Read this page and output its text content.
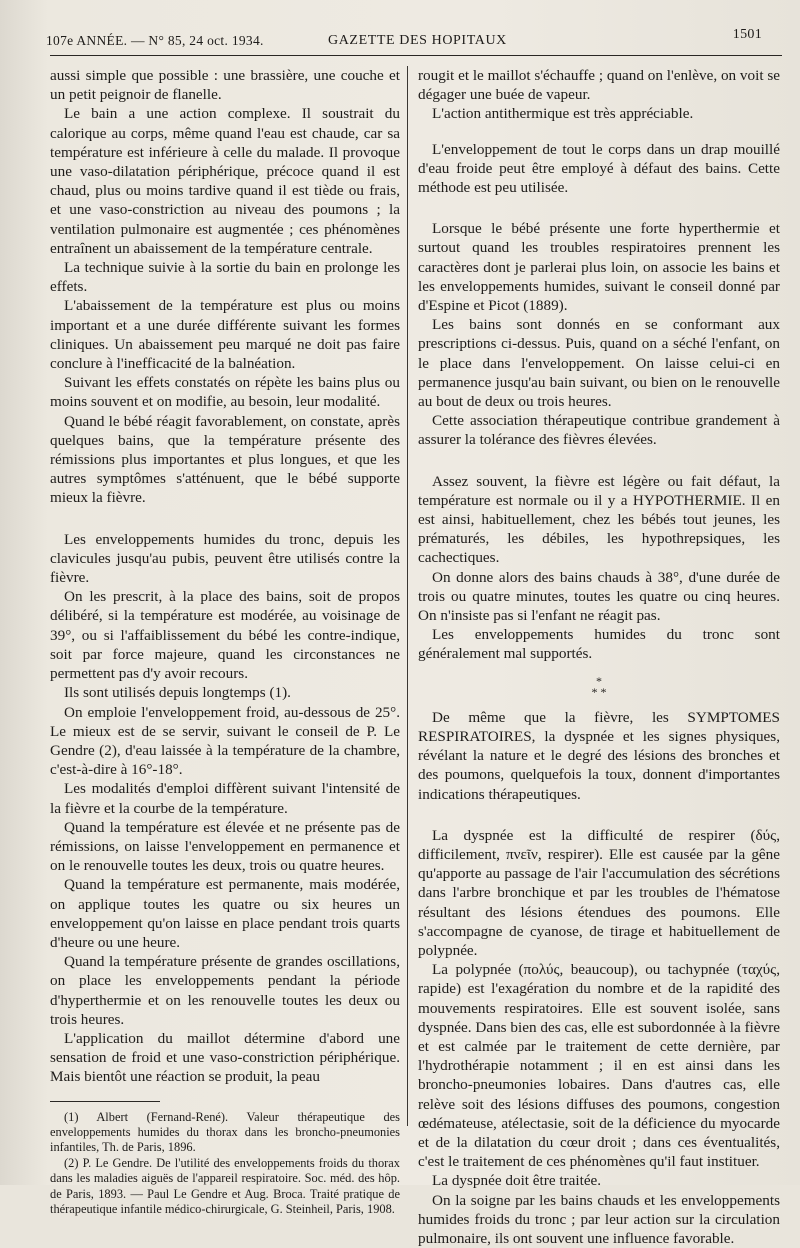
107e ANNÉE. — N° 85, 24 oct. 1934.	GAZETTE DES HOPITAUX	1501

aussi simple que possible : une brassière, une couche et un petit peignoir de flanelle.

Le bain a une action complexe. Il soustrait du calorique au corps, même quand l'eau est chaude, car sa température est inférieure à celle du malade. Il provoque une vaso-dilatation périphérique, précoce quand il est chaud, plus ou moins tardive quand il est tiède ou frais, et une vaso-constriction au niveau des poumons ; la ventilation pulmonaire est augmentée ; ces phénomènes entraînent un abaissement de la température centrale.

La technique suivie à la sortie du bain en prolonge les effets.

L'abaissement de la température est plus ou moins important et a une durée différente suivant les formes cliniques. Un abaissement peu marqué ne doit pas faire conclure à l'inefficacité de la balnéation.

Suivant les effets constatés on répète les bains plus ou moins souvent et on modifie, au besoin, leur modalité.

Quand le bébé réagit favorablement, on constate, après quelques bains, que la température présente des rémissions plus importantes et plus longues, et que les autres symptômes s'atténuent, que le bébé supporte mieux la fièvre.

Les enveloppements humides du tronc, depuis les clavicules jusqu'au pubis, peuvent être utilisés contre la fièvre.

On les prescrit, à la place des bains, soit de propos délibéré, si la température est modérée, au voisinage de 39°, ou si l'affaiblissement du bébé les contre-indique, soit par force majeure, quand les circonstances ne permettent pas d'y avoir recours.

Ils sont utilisés depuis longtemps (1).

On emploie l'enveloppement froid, au-dessous de 25°. Le mieux est de se servir, suivant le conseil de P. Le Gendre (2), d'eau laissée à la température de la chambre, c'est-à-dire à 16°-18°.

Les modalités d'emploi diffèrent suivant l'intensité de la fièvre et la courbe de la température.

Quand la température est élevée et ne présente pas de rémissions, on laisse l'enveloppement en permanence et on le renouvelle toutes les deux, trois ou quatre heures.

Quand la température est permanente, mais modérée, on applique toutes les quatre ou six heures un enveloppement qu'on laisse en place pendant trois quarts d'heure ou une heure.

Quand la température présente de grandes oscillations, on place les enveloppements pendant la période d'hyperthermie et on les renouvelle toutes les deux ou trois heures.

L'application du maillot détermine d'abord une sensation de froid et une vaso-constriction périphérique. Mais bientôt une réaction se produit, la peau

(1) Albert (Fernand-René). Valeur thérapeutique des enveloppements humides du thorax dans les broncho-pneumonies infantiles, Th. de Paris, 1896.

(2) P. Le Gendre. De l'utilité des enveloppements froids du thorax dans les maladies aiguës de l'appareil respiratoire. Soc. méd. des hôp. de Paris, 1893. — Paul Le Gendre et Aug. Broca. Traité pratique de thérapeutique infantile médico-chirurgicale, G. Steinheil, Paris, 1908.

rougit et le maillot s'échauffe ; quand on l'enlève, on voit se dégager une buée de vapeur.

L'action antithermique est très appréciable.

L'enveloppement de tout le corps dans un drap mouillé d'eau froide peut être employé à défaut des bains. Cette méthode est peu utilisée.

Lorsque le bébé présente une forte hyperthermie et surtout quand les troubles respiratoires prennent les caractères dont je parlerai plus loin, on associe les bains et les enveloppements humides, suivant le conseil donné par d'Espine et Picot (1889).

Les bains sont donnés en se conformant aux prescriptions ci-dessus. Puis, quand on a séché l'enfant, on le place dans l'enveloppement. On laisse celui-ci en permanence jusqu'au bain suivant, ou bien on le renouvelle au bout de deux ou trois heures.

Cette association thérapeutique contribue grandement à assurer la tolérance des fièvres élevées.

Assez souvent, la fièvre est légère ou fait défaut, la température est normale ou il y a HYPOTHERMIE. Il en est ainsi, habituellement, chez les bébés tout jeunes, les prématurés, les débiles, les hypothrepsiques, les cachectiques.

On donne alors des bains chauds à 38°, d'une durée de trois ou quatre minutes, toutes les quatre ou cinq heures. On n'insiste pas si l'enfant ne réagit pas.

Les enveloppements humides du tronc sont généralement mal supportés.

*
* *

De même que la fièvre, les SYMPTOMES RESPIRATOIRES, la dyspnée et les signes physiques, révélant la nature et le degré des lésions des bronches et des poumons, quelquefois la toux, donnent d'importantes indications thérapeutiques.

La dyspnée est la difficulté de respirer (δύς, difficilement, πνεῖν, respirer). Elle est causée par la gêne qu'apporte au passage de l'air l'accumulation des sécrétions dans l'arbre bronchique et par les troubles de l'hématose résultant des lésions étendues des poumons. Elle s'accompagne de cyanose, de tirage et habituellement de polypnée.

La polypnée (πολύς, beaucoup), ou tachypnée (ταχύς, rapide) est l'exagération du nombre et de la rapidité des mouvements respiratoires. Elle est souvent isolée, sans dyspnée. Dans bien des cas, elle est subordonnée à la fièvre et est calmée par le traitement de cette dernière, par l'hydrothérapie notamment ; il en est ainsi dans les broncho-pneumonies lobaires. Dans d'autres cas, elle relève soit des lésions diffuses des poumons, congestion œdémateuse, atélectasie, soit de la déficience du myocarde et de la dilatation du cœur droit ; dans ces éventualités, c'est le traitement de ces phénomènes qu'il faut instituer.

La dyspnée doit être traitée.

On la soigne par les bains chauds et les enveloppements humides froids du tronc ; par leur action sur la circulation pulmonaire, ils ont souvent une influence favorable.
